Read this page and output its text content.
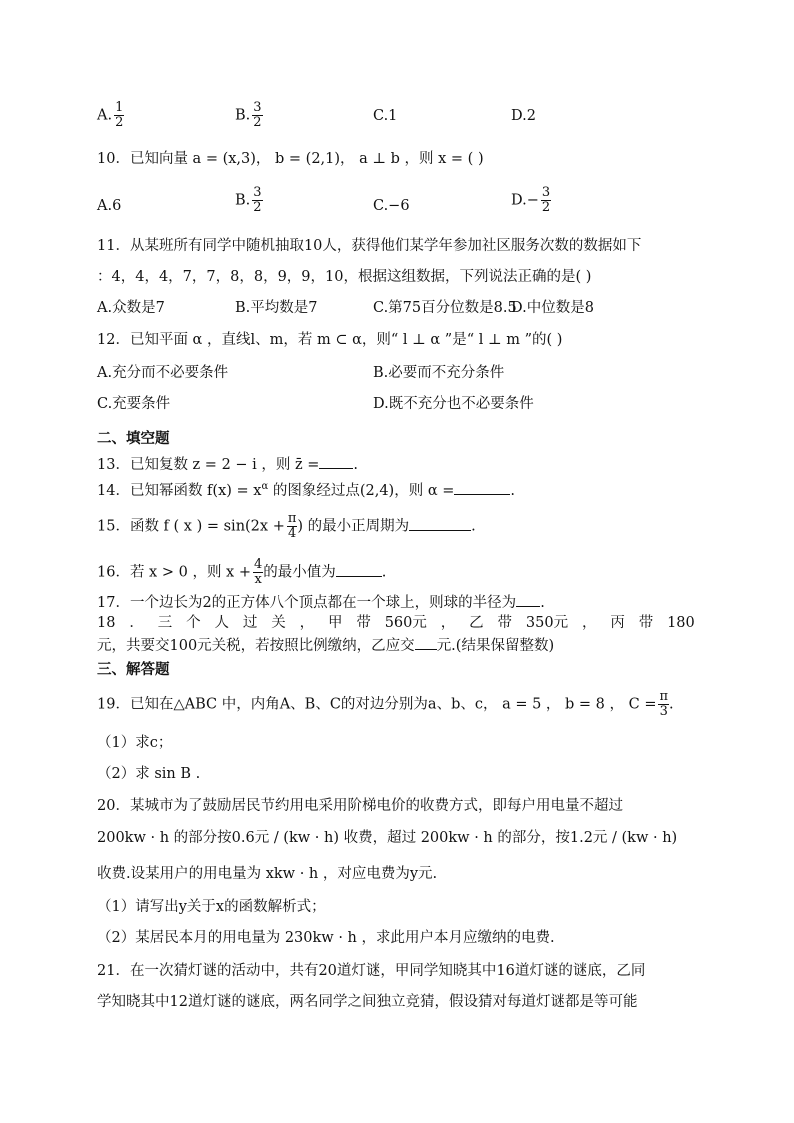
A. $\frac{1}{2}$	B. $\frac{3}{2}$	C.1	D.2
10．已知向量 a = (x,3)， b = (2,1)， a ⊥ b ，则 x = ( )
A.6	B. $\frac{3}{2}$	C.−6	$D.- \frac{3}{2}$
11．从某班所有同学中随机抽取10人，获得他们某学年参加社区服务次数的数据如下
：4，4，4，7，7，8，8，9，9，10，根据这组数据，下列说法正确的是( )
A.众数是7	B.平均数是7	C.第75百分位数是8.5
D.中位数是8
12．已知平面 α ，直线l、m，若 m ⊂ α，则“ l ⊥ α ”是“ l ⊥ m ”的( )
A.充分而不必要条件	B.必要而不充分条件
C.充要条件	D.既不充分也不必要条件
二、填空题
13．已知复数 z = 2 − i ，则 z̄ = .
14．已知幂函数 $f(x) = x^\alpha$ 的图象经过点(2,4)，则 α =	.
15．函数 f ( x ) = $\sin(2x + \frac{\pi}{4}$ ) 的最小正周期为	.
16．若 x > 0 ，则 $x + \frac{4}{x}$ 的最小值为	.
17．一个边长为2的正方体八个顶点都在一个球上，则球的半径为 .
18 ． 三 个 人 过 关 ， 甲 带 560元 ， 乙 带 350元 ， 丙 带 180
元，共要交100元关税，若按照比例缴纳，乙应交 元.(结果保留整数)
三、解答题
19．已知在△ABC 中，内角A、B、C的对边分别为a、b、c， a = 5 ， b = 8 ， $C = \frac{\pi}{3}$ .
（1）求c；
（2）求 sin B .
20．某城市为了鼓励居民节约用电采用阶梯电价的收费方式，即每户用电量不超过
200kw · h 的部分按0.6元 / (kw · h) 收费，超过 200kw · h 的部分，按1.2元 / (kw · h)
收费.设某用户的用电量为 xkw · h ，对应电费为y元.
（1）请写出y关于x的函数解析式；
（2）某居民本月的用电量为 230kw · h ，求此用户本月应缴纳的电费.
21．在一次猜灯谜的活动中，共有20道灯谜，甲同学知晓其中16道灯谜的谜底，乙同
学知晓其中12道灯谜的谜底，两名同学之间独立竞猜，假设猜对每道灯谜都是等可能
